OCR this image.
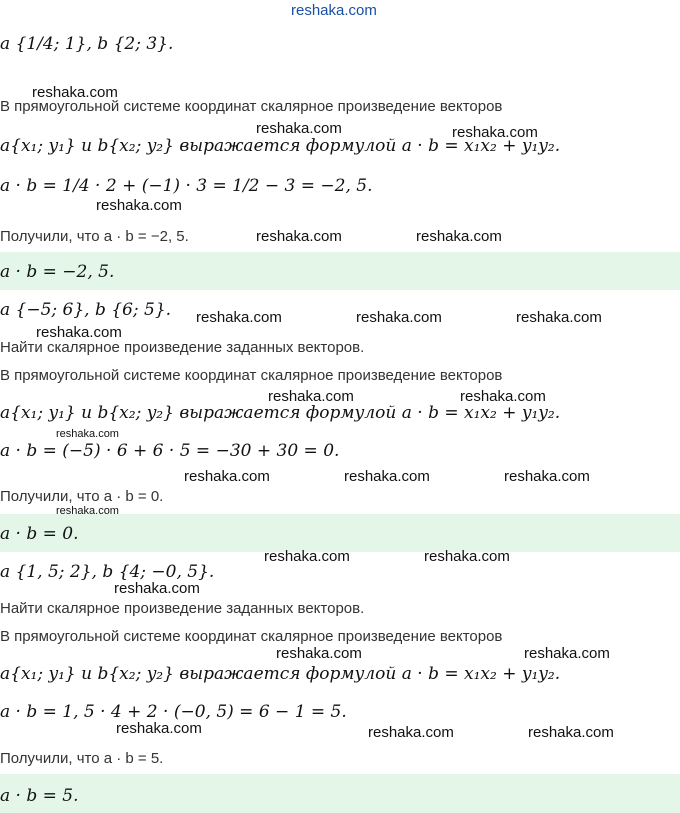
a {1/4; 1}, b {2; 3}.
В прямоугольной системе координат скалярное произведение векторов
a{x₁; y₁} и b{x₂; y₂} выражается формулой a · b = x₁x₂ + y₁y₂.
a · b = 1/4 · 2 + (−1) · 3 = 1/2 − 3 = −2, 5.
Получили, что a · b = −2, 5.
a · b = −2, 5.
a {−5; 6}, b {6; 5}.
Найти скалярное произведение заданных векторов.
В прямоугольной системе координат скалярное произведение векторов
a{x₁; y₁} и b{x₂; y₂} выражается формулой a · b = x₁x₂ + y₁y₂.
a · b = (−5) · 6 + 6 · 5 = −30 + 30 = 0.
Получили, что a · b = 0.
a · b = 0.
a {1, 5; 2}, b {4; −0, 5}.
Найти скалярное произведение заданных векторов.
В прямоугольной системе координат скалярное произведение векторов
a{x₁; y₁} и b{x₂; y₂} выражается формулой a · b = x₁x₂ + y₁y₂.
a · b = 1, 5 · 4 + 2 · (−0, 5) = 6 − 1 = 5.
Получили, что a · b = 5.
a · b = 5.
reshaka.com
reshaka.com
reshaka.com	reshaka.com
reshaka.com
reshaka.com	reshaka.com
reshaka.com	reshaka.com	reshaka.com
reshaka.com
reshaka.com	reshaka.com
reshaka.com
reshaka.com	reshaka.com	reshaka.com
reshaka.com
reshaka.com	reshaka.com
reshaka.com
reshaka.com	reshaka.com
reshaka.com	reshaka.com	reshaka.com
